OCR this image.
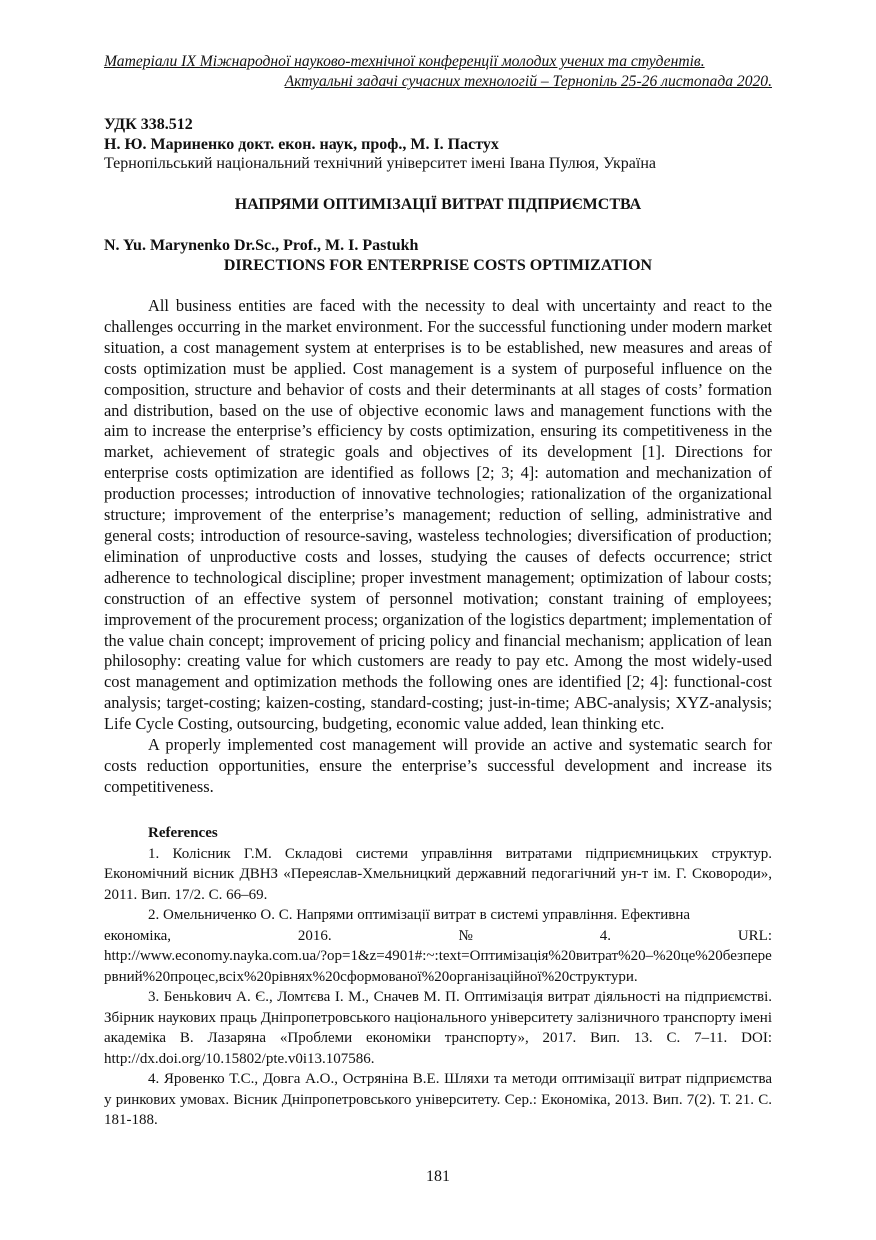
Матеріали IX Міжнародної науково-технічної конференції молодих учених та студентів.
Актуальні задачі сучасних технологій – Тернопіль 25-26 листопада 2020.
УДК 338.512
Н. Ю. Мариненко докт. екон. наук, проф., М. І. Пастух
Тернопільський національний технічний університет імені Івана Пулюя, Україна
НАПРЯМИ ОПТИМІЗАЦІЇ ВИТРАТ ПІДПРИЄМСТВА
N. Yu. Marynenko Dr.Sc., Prof., M. I. Pastukh
DIRECTIONS FOR ENTERPRISE COSTS OPTIMIZATION

All business entities are faced with the necessity to deal with uncertainty and react to the challenges occurring in the market environment. For the successful functioning under modern market situation, a cost management system at enterprises is to be established, new measures and areas of costs optimization must be applied. Cost management is a system of purposeful influence on the composition, structure and behavior of costs and their determinants at all stages of costs’ formation and distribution, based on the use of objective economic laws and management functions with the aim to increase the enterprise’s efficiency by costs optimization, ensuring its competitiveness in the market, achievement of strategic goals and objectives of its development [1]. Directions for enterprise costs optimization are identified as follows [2; 3; 4]: automation and mechanization of production processes; introduction of innovative technologies; rationalization of the organizational structure; improvement of the enterprise’s management; reduction of selling, administrative and general costs; introduction of resource-saving, wasteless technologies; diversification of production; elimination of unproductive costs and losses, studying the causes of defects occurrence; strict adherence to technological discipline; proper investment management; optimization of labour costs; construction of an effective system of personnel motivation; constant training of employees; improvement of the procurement process; organization of the logistics department; implementation of the value chain concept; improvement of pricing policy and financial mechanism; application of lean philosophy: creating value for which customers are ready to pay etc. Among the most widely-used cost management and optimization methods the following ones are identified [2; 4]: functional-cost analysis; target-costing; kaizen-costing, standard-costing; just-in-time; ABC-analysis; XYZ-analysis; Life Cycle Costing, outsourcing, budgeting, economic value added, lean thinking etc.

A properly implemented cost management will provide an active and systematic search for costs reduction opportunities, ensure the enterprise’s successful development and increase its competitiveness.

References

1. Колісник Г.М. Складові системи управління витратами підприємницьких структур. Економічний вісник ДВНЗ «Переяслав-Хмельницкий державний педогагічний ун-т ім. Г. Сковороди», 2011. Вип. 17/2. С. 66–69.

2. Омельниченко О. С. Напрями оптимізації витрат в системі управління. Ефективна

економіка,	2016.	№	4.	URL:
http://www.economy.nayka.com.ua/?op=1&z=4901#:~:text=Оптимізація%20витрат%20–%20це%20безперервний%20процес,всіх%20рівнях%20сформованої%20організаційної%20структури.

3. Беньkович А. Є., Ломтєва І. М., Сначев М. П. Оптимізація витрат діяльності на підприємстві. Збірник наукових праць Дніпропетровського національного університету залізничного транспорту імені академіка В. Лазаряна «Проблеми економіки транспорту», 2017. Вип. 13. С. 7–11. DOI: http://dx.doi.org/10.15802/pte.v0i13.107586.

4. Яровенко Т.С., Довга А.О., Остряніна В.Е. Шляхи та методи оптимізації витрат підприємства у ринкових умовах. Вісник Дніпропетровського університету. Сер.: Економіка, 2013. Вип. 7(2). Т. 21. С. 181-188.

181
